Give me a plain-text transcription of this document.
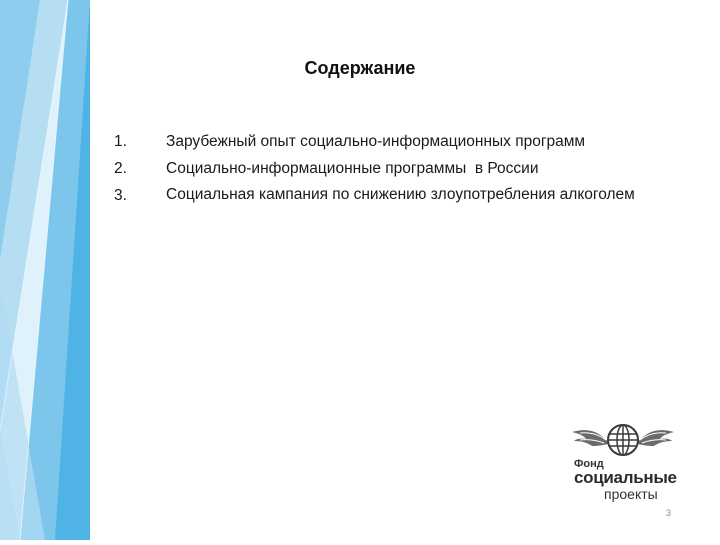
Содержание
1.	Зарубежный опыт социально-информационных программ
2.	Социально-информационные программы  в России
3.	Социальная кампания по снижению злоупотребления алкоголем
Фонд
социальные
проекты
3
